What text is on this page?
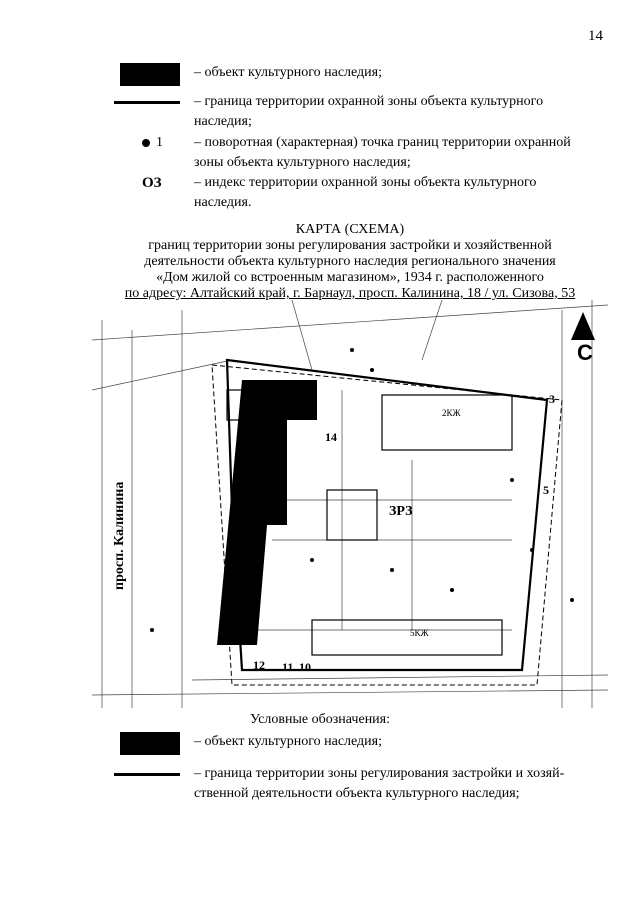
14
– объект культурного наследия;
– граница территории охранной зоны объекта культурного
наследия;
1 – поворотная (характерная) точка границ территории охранной
зоны объекта культурного наследия;
ОЗ – индекс территории охранной зоны объекта культурного
наследия.
КАРТА (СХЕМА)
границ территории зоны регулирования застройки и хозяйственной
деятельности объекта культурного наследия регионального значения
«Дом жилой со встроенным магазином», 1934 г. расположенного
по адресу: Алтайский край, г. Барнаул, просп. Калинина, 18 / ул. Сизова, 53
просп. Калинина	ЗРЗ
С
2КЖ
5КЖ
3
5
10
11
12
13
14
Условные обозначения:
– объект культурного наследия;
– граница территории зоны регулирования застройки и хозяй-
ственной деятельности объекта культурного наследия;
